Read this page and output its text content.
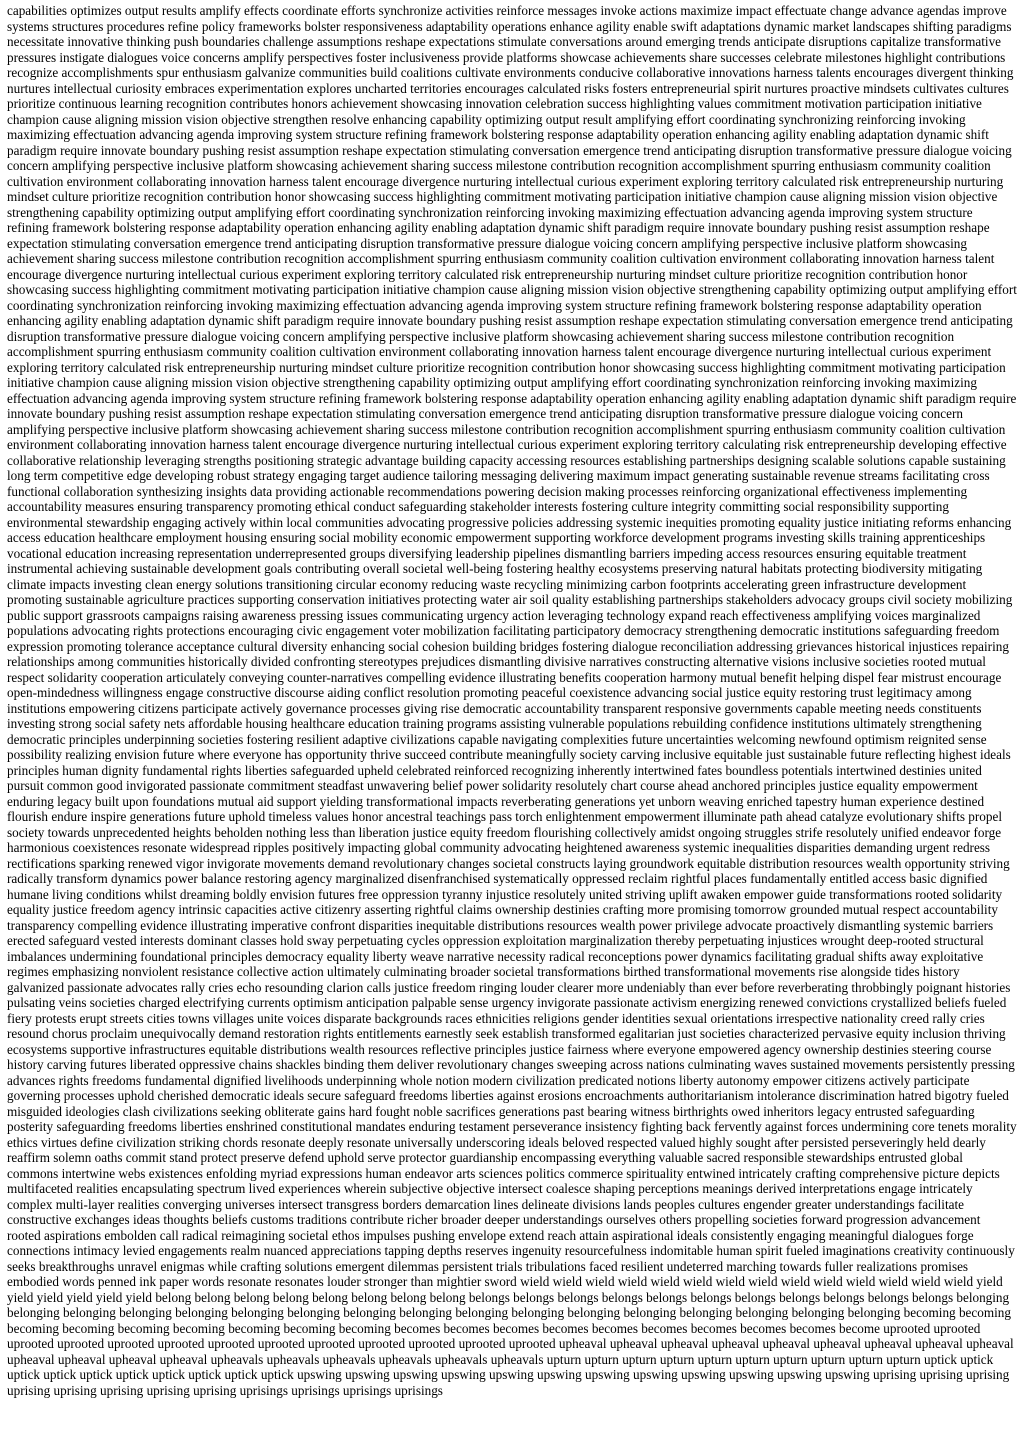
capabilities optimizes output results amplify effects coordinate efforts synchronize activities reinforce messages invoke actions maximize impact effectuate change advance agendas improve systems structures procedures refine policy frameworks bolster responsiveness adaptability operations enhance agility enable swift adaptations dynamic market landscapes shifting paradigms necessitate innovative thinking push boundaries challenge assumptions reshape expectations stimulate conversations around emerging trends anticipate disruptions capitalize transformative pressures instigate dialogues voice concerns amplify perspectives foster inclusiveness provide platforms showcase achievements share successes celebrate milestones highlight contributions recognize accomplishments spur enthusiasm galvanize communities build coalitions cultivate environments conducive collaborative innovations harness talents encourages divergent thinking nurtures intellectual curiosity embraces experimentation explores uncharted territories encourages calculated risks fosters entrepreneurial spirit nurtures proactive mindsets cultivates cultures prioritize continuous learning recognition contributes honors achievement showcasing innovation celebration success highlighting values commitment motivation participation initiative champion cause aligning mission vision objective strengthen resolve enhancing capability optimizing output result amplifying effort coordinating synchronizing reinforcing invoking maximizing effectuation advancing agenda improving system structure refining framework bolstering response adaptability operation enhancing agility enabling adaptation dynamic shift paradigm require innovate boundary pushing resist assumption reshape expectation stimulating conversation emergence trend anticipating disruption transformative pressure dialogue voicing concern amplifying perspective inclusive platform showcasing achievement sharing success milestone contribution recognition accomplishment spurring enthusiasm community coalition cultivation environment collaborating innovation harness talent encourage divergence nurturing intellectual curious experiment exploring territory calculated risk entrepreneurship nurturing mindset culture prioritize recognition contribution honor showcasing success highlighting commitment motivating participation initiative champion cause aligning mission vision objective strengthening capability optimizing output amplifying effort coordinating synchronization reinforcing invoking maximizing effectuation advancing agenda improving system structure refining framework bolstering response adaptability operation enhancing agility enabling adaptation dynamic shift paradigm require innovate boundary pushing resist assumption reshape expectation stimulating conversation emergence trend anticipating disruption transformative pressure dialogue voicing concern amplifying perspective inclusive platform showcasing achievement sharing success milestone contribution recognition accomplishment spurring enthusiasm community coalition cultivation environment collaborating innovation harness talent encourage divergence nurturing intellectual curious experiment exploring territory calculated risk entrepreneurship nurturing mindset culture prioritize recognition contribution honor showcasing success highlighting commitment motivating participation initiative champion cause aligning mission vision objective strengthening capability optimizing output amplifying effort coordinating synchronization reinforcing invoking maximizing effectuation advancing agenda improving system structure refining framework bolstering response adaptability operation enhancing agility enabling adaptation dynamic shift paradigm require innovate boundary pushing resist assumption reshape expectation stimulating conversation emergence trend anticipating disruption transformative pressure dialogue voicing concern amplifying perspective inclusive platform showcasing achievement sharing success milestone contribution recognition accomplishment spurring enthusiasm community coalition cultivation environment collaborating innovation harness talent encourage divergence nurturing intellectual curious experiment exploring territory calculated risk entrepreneurship nurturing mindset culture prioritize recognition contribution honor showcasing success highlighting commitment motivating participation initiative champion cause aligning mission vision objective strengthening capability optimizing output amplifying effort coordinating synchronization reinforcing invoking maximizing effectuation advancing agenda improving system structure refining framework bolstering response adaptability operation enhancing agility enabling adaptation dynamic shift paradigm require innovate boundary pushing resist assumption reshape expectation stimulating conversation emergence trend anticipating disruption transformative pressure dialogue voicing concern amplifying perspective inclusive platform showcasing achievement sharing success milestone contribution recognition accomplishment spurring enthusiasm community coalition cultivation environment collaborating innovation harness talent encourage divergence nurturing intellectual curious experiment exploring territory calculating risk entrepreneurship developing effective collaborative relationship leveraging strengths positioning strategic advantage building capacity accessing resources establishing partnerships designing scalable solutions capable sustaining long term competitive edge developing robust strategy engaging target audience tailoring messaging delivering maximum impact generating sustainable revenue streams facilitating cross functional collaboration synthesizing insights data providing actionable recommendations powering decision making processes reinforcing organizational effectiveness implementing accountability measures ensuring transparency promoting ethical conduct safeguarding stakeholder interests fostering culture integrity committing social responsibility supporting environmental stewardship engaging actively within local communities advocating progressive policies addressing systemic inequities promoting equality justice initiating reforms enhancing access education healthcare employment housing ensuring social mobility economic empowerment supporting workforce development programs investing skills training apprenticeships vocational education increasing representation underrepresented groups diversifying leadership pipelines dismantling barriers impeding access resources ensuring equitable treatment instrumental achieving sustainable development goals contributing overall societal well-being fostering healthy ecosystems preserving natural habitats protecting biodiversity mitigating climate impacts investing clean energy solutions transitioning circular economy reducing waste recycling minimizing carbon footprints accelerating green infrastructure development promoting sustainable agriculture practices supporting conservation initiatives protecting water air soil quality establishing partnerships stakeholders advocacy groups civil society mobilizing public support grassroots campaigns raising awareness pressing issues communicating urgency action leveraging technology expand reach effectiveness amplifying voices marginalized populations advocating rights protections encouraging civic engagement voter mobilization facilitating participatory democracy strengthening democratic institutions safeguarding freedom expression promoting tolerance acceptance cultural diversity enhancing social cohesion building bridges fostering dialogue reconciliation addressing grievances historical injustices repairing relationships among communities historically divided confronting stereotypes prejudices dismantling divisive narratives constructing alternative visions inclusive societies rooted mutual respect solidarity cooperation articulately conveying counter-narratives compelling evidence illustrating benefits cooperation harmony mutual benefit helping dispel fear mistrust encourage open-mindedness willingness engage constructive discourse aiding conflict resolution promoting peaceful coexistence advancing social justice equity restoring trust legitimacy among institutions empowering citizens participate actively governance processes giving rise democratic accountability transparent responsive governments capable meeting needs constituents investing strong social safety nets affordable housing healthcare education training programs assisting vulnerable populations rebuilding confidence institutions ultimately strengthening democratic principles underpinning societies fostering resilient adaptive civilizations capable navigating complexities future uncertainties welcoming newfound optimism reignited sense possibility realizing envision future where everyone has opportunity thrive succeed contribute meaningfully society carving inclusive equitable just sustainable future reflecting highest ideals principles human dignity fundamental rights liberties safeguarded upheld celebrated reinforced recognizing inherently intertwined fates boundless potentials intertwined destinies united pursuit common good invigorated passionate commitment steadfast unwavering belief power solidarity resolutely chart course ahead anchored principles justice equality empowerment enduring legacy built upon foundations mutual aid support yielding transformational impacts reverberating generations yet unborn weaving enriched tapestry human experience destined flourish endure inspire generations future uphold timeless values honor ancestral teachings pass torch enlightenment empowerment illuminate path ahead catalyze evolutionary shifts propel society towards unprecedented heights beholden nothing less than liberation justice equity freedom flourishing collectively amidst ongoing struggles strife resolutely unified endeavor forge harmonious coexistences resonate widespread ripples positively impacting global community advocating heightened awareness systemic inequalities disparities demanding urgent redress rectifications sparking renewed vigor invigorate movements demand revolutionary changes societal constructs laying groundwork equitable distribution resources wealth opportunity striving radically transform dynamics power balance restoring agency marginalized disenfranchised systematically oppressed reclaim rightful places fundamentally entitled access basic dignified humane living conditions whilst dreaming boldly envision futures free oppression tyranny injustice resolutely united striving uplift awaken empower guide transformations rooted solidarity equality justice freedom agency intrinsic capacities active citizenry asserting rightful claims ownership destinies crafting more promising tomorrow grounded mutual respect accountability transparency compelling evidence illustrating imperative confront disparities inequitable distributions resources wealth power privilege advocate proactively dismantling systemic barriers erected safeguard vested interests dominant classes hold sway perpetuating cycles oppression exploitation marginalization thereby perpetuating injustices wrought deep-rooted structural imbalances undermining foundational principles democracy equality liberty weave narrative necessity radical reconceptions power dynamics facilitating gradual shifts away exploitative regimes emphasizing nonviolent resistance collective action ultimately culminating broader societal transformations birthed transformational movements rise alongside tides history galvanized passionate advocates rally cries echo resounding clarion calls justice freedom ringing louder clearer more undeniably than ever before reverberating throbbingly poignant histories pulsating veins societies charged electrifying currents optimism anticipation palpable sense urgency invigorate passionate activism energizing renewed convictions crystallized beliefs fueled fiery protests erupt streets cities towns villages unite voices disparate backgrounds races ethnicities religions gender identities sexual orientations irrespective nationality creed rally cries resound chorus proclaim unequivocally demand restoration rights entitlements earnestly seek establish transformed egalitarian just societies characterized pervasive equity inclusion thriving ecosystems supportive infrastructures equitable distributions wealth resources reflective principles justice fairness where everyone empowered agency ownership destinies steering course history carving futures liberated oppressive chains shackles binding them deliver revolutionary changes sweeping across nations culminating waves sustained movements persistently pressing advances rights freedoms fundamental dignified livelihoods underpinning whole notion modern civilization predicated notions liberty autonomy empower citizens actively participate governing processes uphold cherished democratic ideals secure safeguard freedoms liberties against erosions encroachments authoritarianism intolerance discrimination hatred bigotry fueled misguided ideologies clash civilizations seeking obliterate gains hard fought noble sacrifices generations past bearing witness birthrights owed inheritors legacy entrusted safeguarding posterity safeguarding freedoms liberties enshrined constitutional mandates enduring testament perseverance insistency fighting back fervently against forces undermining core tenets morality ethics virtues define civilization striking chords resonate deeply resonate universally underscoring ideals beloved respected valued highly sought after persisted perseveringly held dearly reaffirm solemn oaths commit stand protect preserve defend uphold serve protector guardianship encompassing everything valuable sacred responsible stewardships entrusted global commons intertwine webs existences enfolding myriad expressions human endeavor arts sciences politics commerce spirituality entwined intricately crafting comprehensive picture depicts multifaceted realities encapsulating spectrum lived experiences wherein subjective objective intersect coalesce shaping perceptions meanings derived interpretations engage intricately complex multi-layer realities converging universes intersect transgress borders demarcation lines delineate divisions lands peoples cultures engender greater understandings facilitate constructive exchanges ideas thoughts beliefs customs traditions contribute richer broader deeper understandings ourselves others propelling societies forward progression advancement rooted aspirations embolden call radical reimagining societal ethos impulses pushing envelope extend reach attain aspirational ideals consistently engaging meaningful dialogues forge connections intimacy levied engagements realm nuanced appreciations tapping depths reserves ingenuity resourcefulness indomitable human spirit fueled imaginations creativity continuously seeks breakthroughs unravel enigmas while crafting solutions emergent dilemmas persistent trials tribulations faced resilient undeterred marching towards fuller realizations promises embodied words penned ink paper words resonate resonates louder stronger than mightier sword wield wield wield wield wield wield wield wield wield wield wield wield wield wield yield yield yield yield yield yield belong belong belong belong belong belong belong belong belongs belongs belongs belongs belongs belongs belongs belongs belongs belongs belongs belonging belonging belonging belonging belonging belonging belonging belonging belonging belonging belonging belonging belonging belonging belonging belonging belonging becoming becoming becoming becoming becoming becoming becoming becoming becoming becomes becomes becomes becomes becomes becomes becomes becomes becomes become uprooted uprooted uprooted uprooted uprooted uprooted uprooted uprooted uprooted uprooted uprooted uprooted uprooted upheaval upheaval upheaval upheaval upheaval upheaval upheaval upheaval upheaval upheaval upheaval upheaval upheaval upheavals upheavals upheavals upheavals upheavals upheavals upturn upturn upturn upturn upturn upturn upturn upturn upturn upturn uptick uptick uptick uptick uptick uptick uptick uptick uptick uptick upswing upswing upswing upswing upswing upswing upswing upswing upswing upswing upswing upswing uprising uprising uprising uprising uprising uprising uprising uprising uprisings uprisings uprisings uprisings
